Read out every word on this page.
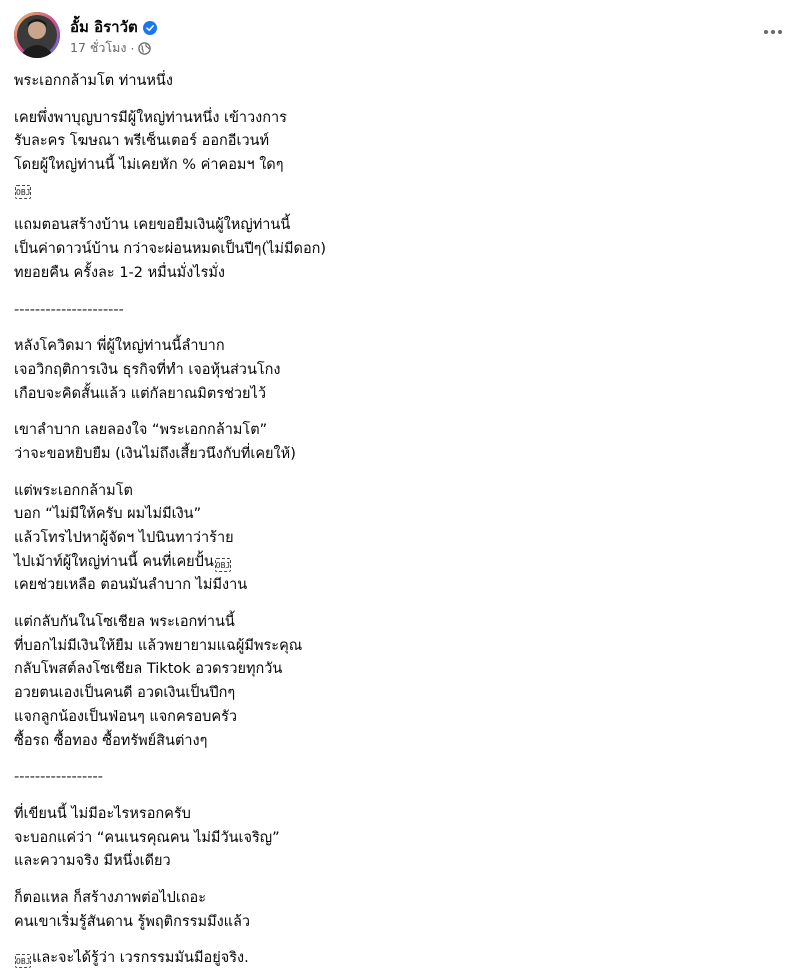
อั้ม อิราวัต
17 ชั่วโมง ·
พระเอกกล้ามโต ท่านหนึ่ง
เคยพึ่งพาบุญบารมีผู้ใหญ่ท่านหนึ่ง เข้าวงการ
รับละคร โฆษณา พรีเซ็นเตอร์ ออกอีเวนท์
โดยผู้ใหญ่ท่านนี้ ไม่เคยหัก % ค่าคอมฯ ใดๆ
OBJ
แถมตอนสร้างบ้าน เคยขอยืมเงินผู้ใหญ่ท่านนี้
เป็นค่าดาวน์บ้าน กว่าจะผ่อนหมดเป็นปีๆ(ไม่มีดอก)
ทยอยคืน ครั้งละ 1-2 หมื่นมั่งไรมั่ง
---------------------
หลังโควิดมา พี่ผู้ใหญ่ท่านนี้ลำบาก
เจอวิกฤติการเงิน ธุรกิจที่ทำ เจอหุ้นส่วนโกง
เกือบจะคิดสั้นแล้ว แต่กัลยาณมิตรช่วยไว้
เขาลำบาก เลยลองใจ “พระเอกกล้ามโต”
ว่าจะขอหยิบยืม (เงินไม่ถึงเสี้ยวนึงกับที่เคยให้)
แต่พระเอกกล้ามโต
บอก “ไม่มีให้ครับ ผมไม่มีเงิน”
แล้วโทรไปหาผู้จัดฯ ไปนินทาว่าร้าย
ไปเม้าท์ผู้ใหญ่ท่านนี้ คนที่เคยปั้น OBJ
เคยช่วยเหลือ ตอนมันลำบาก ไม่มีงาน
แต่กลับกันในโซเชียล พระเอกท่านนี้
ที่บอกไม่มีเงินให้ยืม แล้วพยายามแฉผู้มีพระคุณ
กลับโพสต์ลงโซเชียล Tiktok อวดรวยทุกวัน
อวยตนเองเป็นคนดี อวดเงินเป็นปึกๆ
แจกลูกน้องเป็นฟ่อนๆ แจกครอบครัว
ซื้อรถ ซื้อทอง ซื้อทรัพย์สินต่างๆ
-----------------
ที่เขียนนี้ ไม่มีอะไรหรอกครับ
จะบอกแค่ว่า “คนเนรคุณคน ไม่มีวันเจริญ”
และความจริง มีหนึ่งเดียว
ก็ตอแหล ก็สร้างภาพต่อไปเถอะ
คนเขาเริ่มรู้สันดาน รู้พฤติกรรมมึงแล้ว
OBJ และจะได้รู้ว่า เวรกรรมมันมีอยู่จริง.
